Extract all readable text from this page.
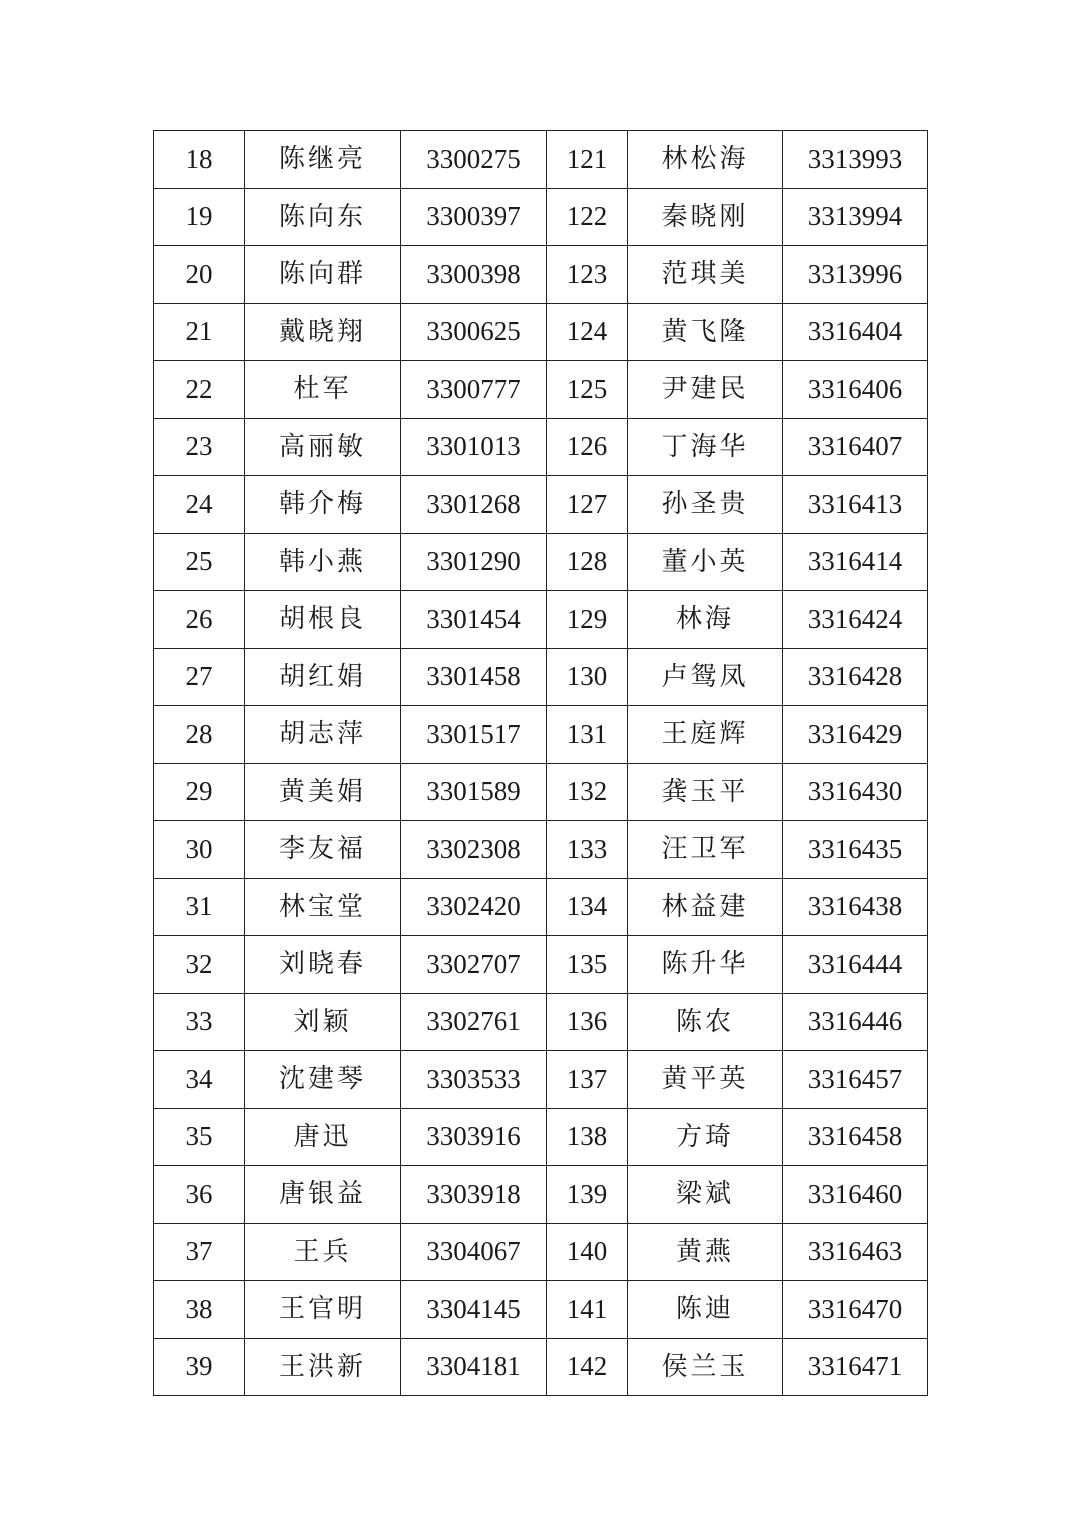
18	陈继亮	3300275	121	林松海	3313993
19	陈向东	3300397	122	秦晓刚	3313994
20	陈向群	3300398	123	范琪美	3313996
21	戴晓翔	3300625	124	黄飞隆	3316404
22	杜军	3300777	125	尹建民	3316406
23	高丽敏	3301013	126	丁海华	3316407
24	韩介梅	3301268	127	孙圣贵	3316413
25	韩小燕	3301290	128	董小英	3316414
26	胡根良	3301454	129	林海	3316424
27	胡红娟	3301458	130	卢鸳凤	3316428
28	胡志萍	3301517	131	王庭辉	3316429
29	黄美娟	3301589	132	龚玉平	3316430
30	李友福	3302308	133	汪卫军	3316435
31	林宝堂	3302420	134	林益建	3316438
32	刘晓春	3302707	135	陈升华	3316444
33	刘颖	3302761	136	陈农	3316446
34	沈建琴	3303533	137	黄平英	3316457
35	唐迅	3303916	138	方琦	3316458
36	唐银益	3303918	139	梁斌	3316460
37	王兵	3304067	140	黄燕	3316463
38	王官明	3304145	141	陈迪	3316470
39	王洪新	3304181	142	侯兰玉	3316471
